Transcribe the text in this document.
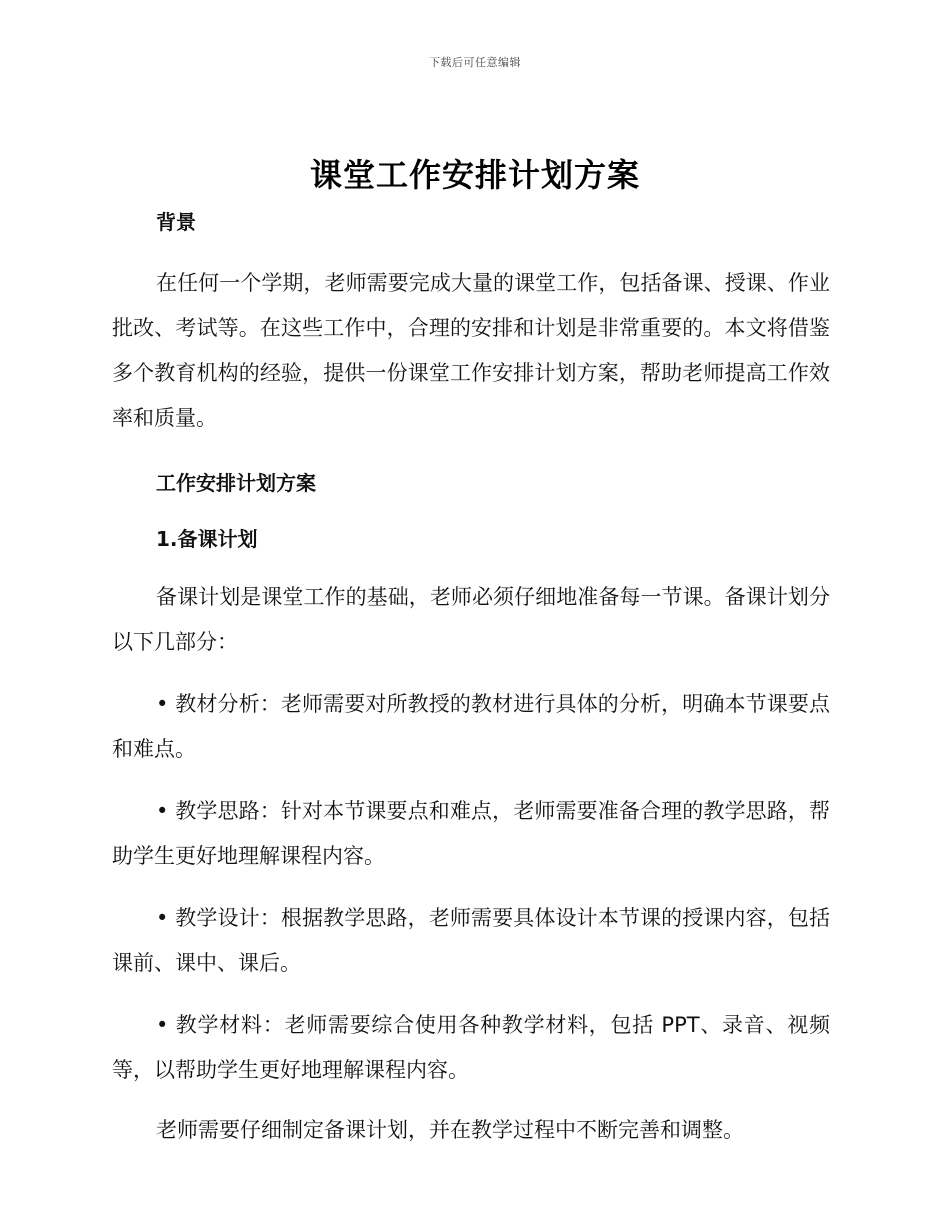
下载后可任意编辑
课堂工作安排计划方案

背景

在任何一个学期，老师需要完成大量的课堂工作，包括备课、授课、作业批改、考试等。在这些工作中，合理的安排和计划是非常重要的。本文将借鉴多个教育机构的经验，提供一份课堂工作安排计划方案，帮助老师提高工作效率和质量。

工作安排计划方案

1.备课计划

备课计划是课堂工作的基础，老师必须仔细地准备每一节课。备课计划分以下几部分：

• 教材分析：老师需要对所教授的教材进行具体的分析，明确本节课要点和难点。

• 教学思路：针对本节课要点和难点，老师需要准备合理的教学思路，帮助学生更好地理解课程内容。

• 教学设计：根据教学思路，老师需要具体设计本节课的授课内容，包括课前、课中、课后。

• 教学材料：老师需要综合使用各种教学材料，包括 PPT、录音、视频等，以帮助学生更好地理解课程内容。

老师需要仔细制定备课计划，并在教学过程中不断完善和调整。
